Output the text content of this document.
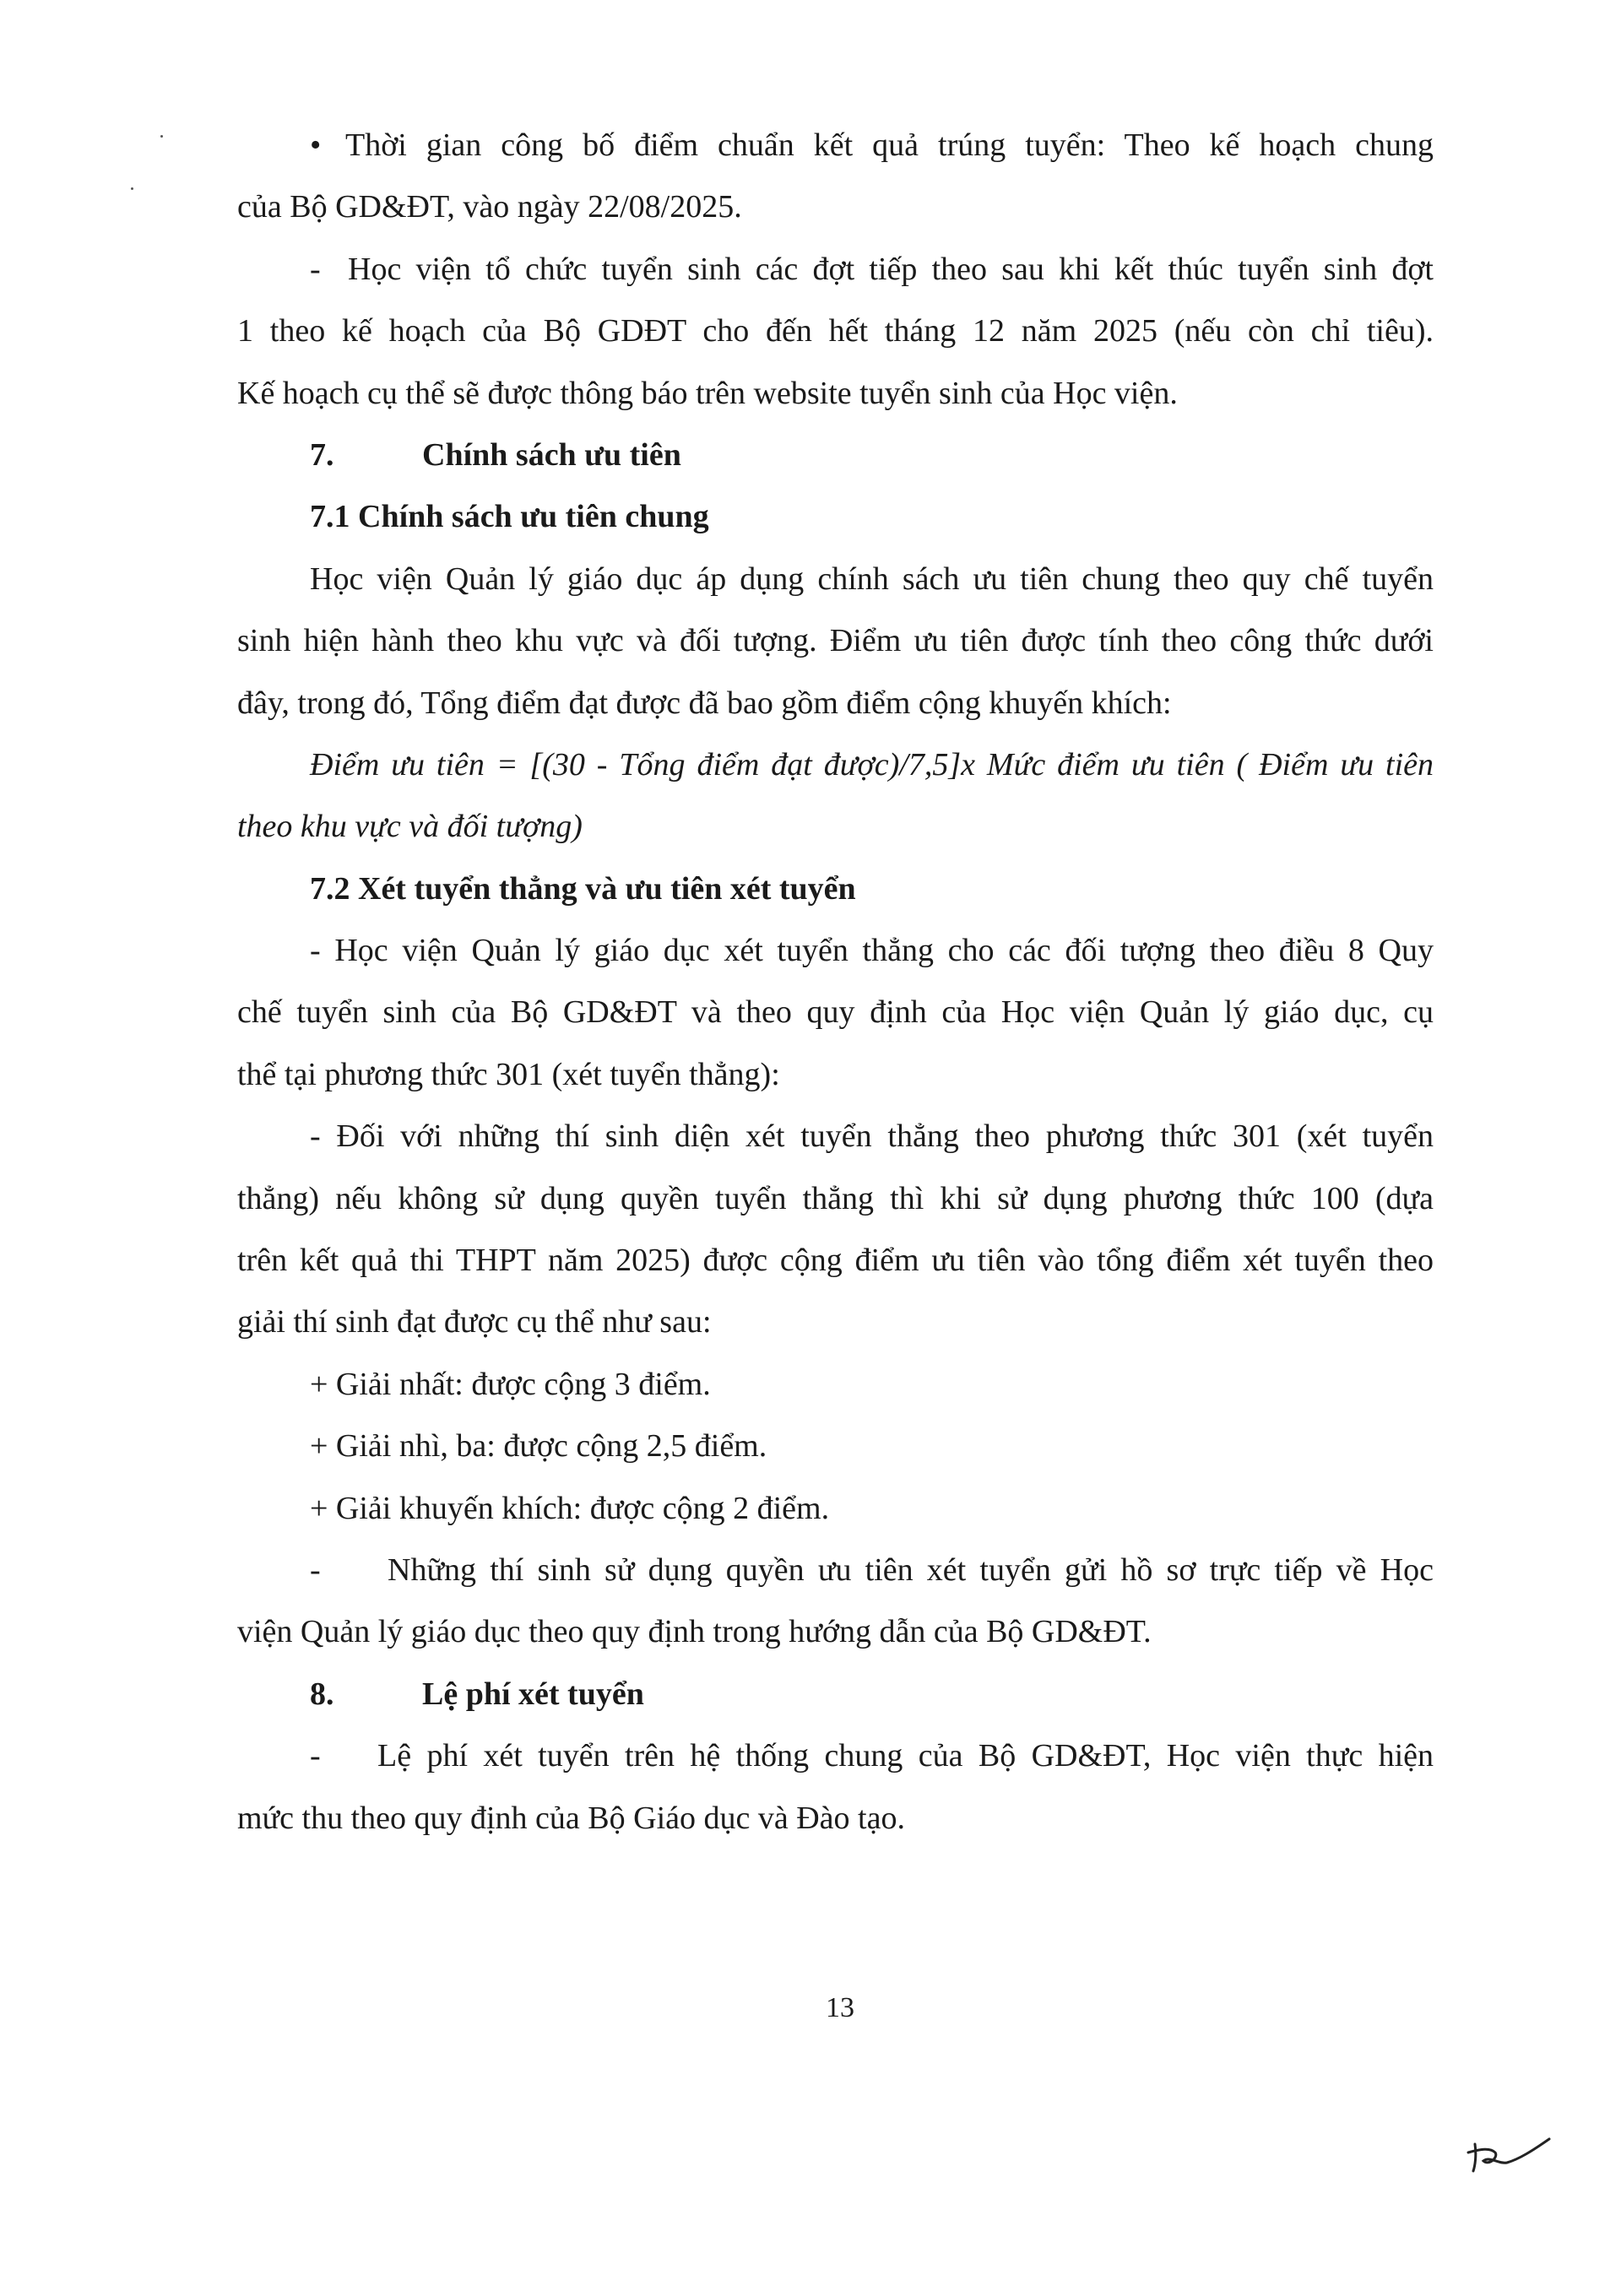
• Thời gian công bố điểm chuẩn kết quả trúng tuyển: Theo kế hoạch chung
của Bộ GD&ĐT, vào ngày 22/08/2025.
- Học viện tổ chức tuyển sinh các đợt tiếp theo sau khi kết thúc tuyển sinh đợt
1 theo kế hoạch của Bộ GDĐT cho đến hết tháng 12 năm 2025 (nếu còn chỉ tiêu).
Kế hoạch cụ thể sẽ được thông báo trên website tuyển sinh của Học viện.
7.	Chính sách ưu tiên
7.1 Chính sách ưu tiên chung
Học viện Quản lý giáo dục áp dụng chính sách ưu tiên chung theo quy chế tuyển
sinh hiện hành theo khu vực và đối tượng. Điểm ưu tiên được tính theo công thức dưới
đây, trong đó, Tổng điểm đạt được đã bao gồm điểm cộng khuyến khích:
Điểm ưu tiên = [(30 - Tổng điểm đạt được)/7,5]x Mức điểm ưu tiên ( Điểm ưu tiên
theo khu vực và đối tượng)
7.2 Xét tuyển thẳng và ưu tiên xét tuyển
- Học viện Quản lý giáo dục xét tuyển thẳng cho các đối tượng theo điều 8 Quy
chế tuyển sinh của Bộ GD&ĐT và theo quy định của Học viện Quản lý giáo dục, cụ
thể tại phương thức 301 (xét tuyển thẳng):
- Đối với những thí sinh diện xét tuyển thẳng theo phương thức 301 (xét tuyển
thẳng) nếu không sử dụng quyền tuyển thẳng thì khi sử dụng phương thức 100 (dựa
trên kết quả thi THPT năm 2025) được cộng điểm ưu tiên vào tổng điểm xét tuyển theo
giải thí sinh đạt được cụ thể như sau:
+ Giải nhất: được cộng 3 điểm.
+ Giải nhì, ba: được cộng 2,5 điểm.
+ Giải khuyến khích: được cộng 2 điểm.
-	Những thí sinh sử dụng quyền ưu tiên xét tuyển gửi hồ sơ trực tiếp về Học
viện Quản lý giáo dục theo quy định trong hướng dẫn của Bộ GD&ĐT.
8.	Lệ phí xét tuyển
-	Lệ phí xét tuyển trên hệ thống chung của Bộ GD&ĐT, Học viện thực hiện
mức thu theo quy định của Bộ Giáo dục và Đào tạo.
13
